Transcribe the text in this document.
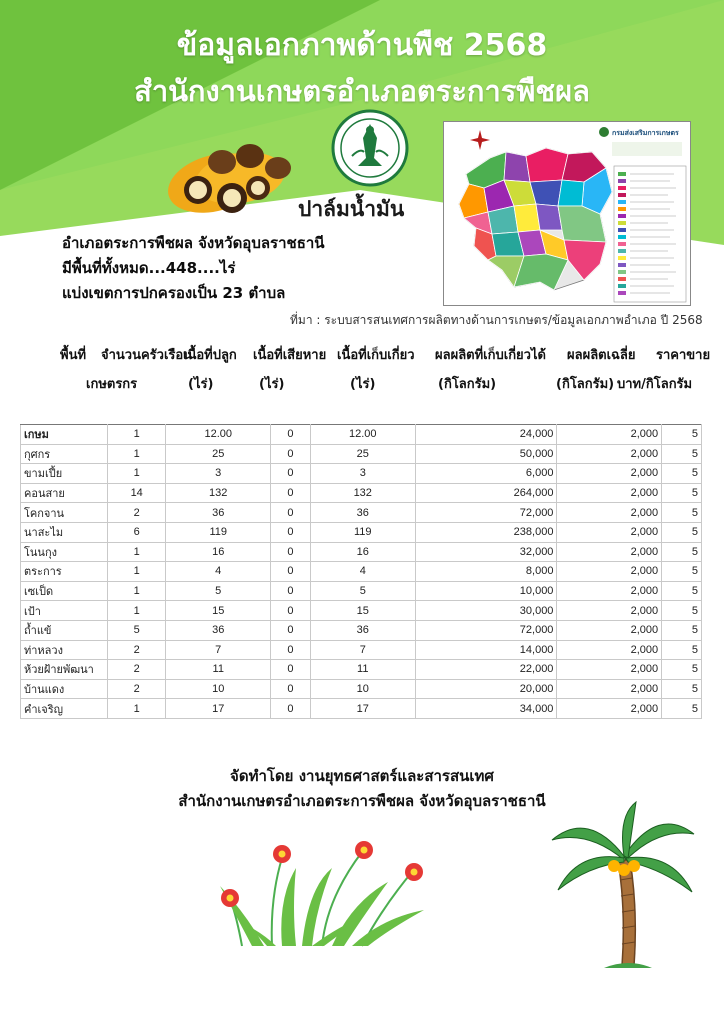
ข้อมูลเอกภาพด้านพืช 2568
สำนักงานเกษตรอำเภอตระการพืชผล
ปาล์มน้ำมัน
อำเภอตระการพืชผล จังหวัดอุบลราชธานี
มีพื้นที่ทั้งหมด...448....ไร่
แบ่งเขตการปกครองเป็น 23 ตำบล
กรมส่งเสริมการเกษตร
ที่มา : ระบบสารสนเทศการผลิตทางด้านการเกษตร/ข้อมูลเอกภาพอำเภอ ปี 2568
พื้นที่ จำนวนครัวเรือน
เนื้อที่ปลูก เนื้อที่เสียหาย เนื้อที่เก็บเกี่ยว ผลผลิตที่เก็บเกี่ยวได้ ผลผลิตเฉลี่ย ราคาขาย
เกษตรกร	(ไร่)	(ไร่)	(ไร่)	(กิโลกรัม)	(กิโลกรัม) บาท/กิโลกรัม
เกษม	1	12.00	0	12.00	24,000	2,000	5
กุศกร	1	25	0	25	50,000	2,000	5
ขามเปี้ย	1	3	0	3	6,000	2,000	5
คอนสาย	14	132	0	132	264,000	2,000	5
โคกจาน	2	36	0	36	72,000	2,000	5
นาสะไม	6	119	0	119	238,000	2,000	5
โนนกุง	1	16	0	16	32,000	2,000	5
ตระการ	1	4	0	4	8,000	2,000	5
เซเป็ด	1	5	0	5	10,000	2,000	5
เป้า	1	15	0	15	30,000	2,000	5
ถ้ำแข้	5	36	0	36	72,000	2,000	5
ท่าหลวง	2	7	0	7	14,000	2,000	5
ห้วยฝ้ายพัฒนา	2	11	0	11	22,000	2,000	5
บ้านแดง	2	10	0	10	20,000	2,000	5
คำเจริญ	1	17	0	17	34,000	2,000	5
จัดทำโดย งานยุทธศาสตร์และสารสนเทศ
สำนักงานเกษตรอำเภอตระการพืชผล จังหวัดอุบลราชธานี
